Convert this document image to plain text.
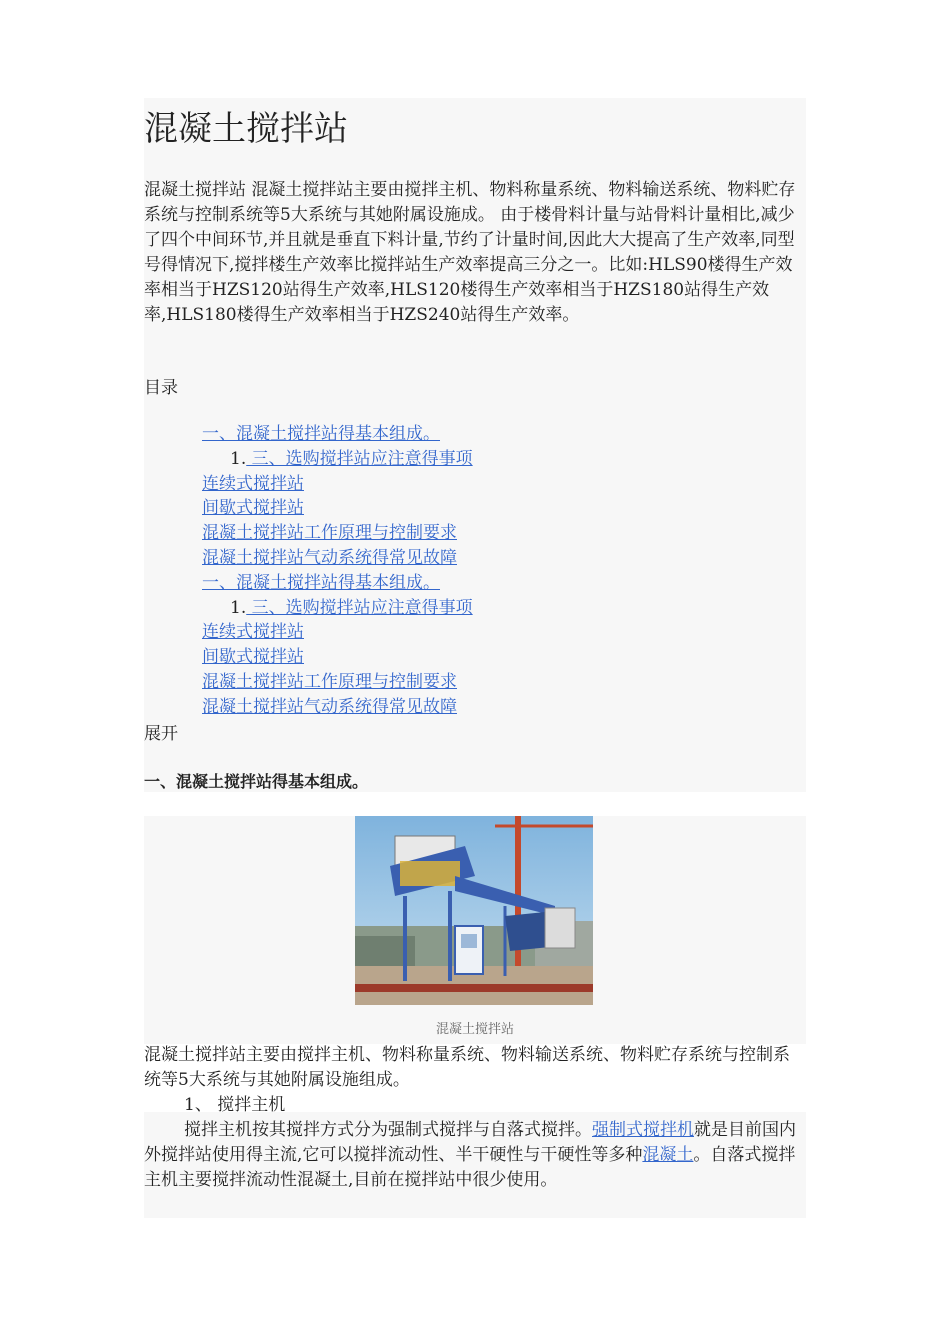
混凝土搅拌站

混凝土搅拌站 混凝土搅拌站主要由搅拌主机、物料称量系统、物料输送系统、物料贮存系统与控制系统等5大系统与其她附属设施成。 由于楼骨料计量与站骨料计量相比,减少了四个中间环节,并且就是垂直下料计量,节约了计量时间,因此大大提高了生产效率,同型号得情况下,搅拌楼生产效率比搅拌站生产效率提高三分之一。比如:HLS90楼得生产效率相当于HZS120站得生产效率,HLS120楼得生产效率相当于HZS180站得生产效率,HLS180楼得生产效率相当于HZS240站得生产效率。

目录
一、混凝土搅拌站得基本组成。
1. 三、选购搅拌站应注意得事项
连续式搅拌站
间歇式搅拌站
混凝土搅拌站工作原理与控制要求
混凝土搅拌站气动系统得常见故障
一、混凝土搅拌站得基本组成。
1. 三、选购搅拌站应注意得事项
连续式搅拌站
间歇式搅拌站
混凝土搅拌站工作原理与控制要求
混凝土搅拌站气动系统得常见故障
展开
一、混凝土搅拌站得基本组成。
混凝土搅拌站

混凝土搅拌站主要由搅拌主机、物料称量系统、物料输送系统、物料贮存系统与控制系统等5大系统与其她附属设施组成。

1、 搅拌主机

搅拌主机按其搅拌方式分为强制式搅拌与自落式搅拌。强制式搅拌机就是目前国内外搅拌站使用得主流,它可以搅拌流动性、半干硬性与干硬性等多种混凝土。自落式搅拌主机主要搅拌流动性混凝土,目前在搅拌站中很少使用。
